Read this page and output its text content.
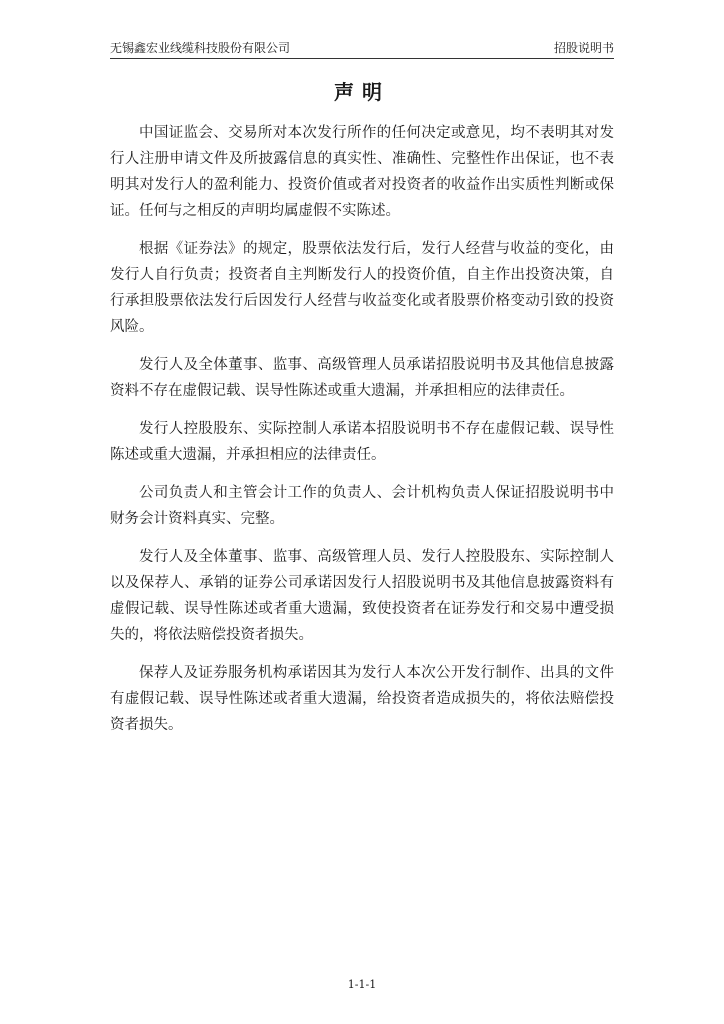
无锡鑫宏业线缆科技股份有限公司	招股说明书
声明

中国证监会、交易所对本次发行所作的任何决定或意见，均不表明其对发行人注册申请文件及所披露信息的真实性、准确性、完整性作出保证，也不表明其对发行人的盈利能力、投资价值或者对投资者的收益作出实质性判断或保证。任何与之相反的声明均属虚假不实陈述。

根据《证券法》的规定，股票依法发行后，发行人经营与收益的变化，由发行人自行负责；投资者自主判断发行人的投资价值，自主作出投资决策，自行承担股票依法发行后因发行人经营与收益变化或者股票价格变动引致的投资风险。

发行人及全体董事、监事、高级管理人员承诺招股说明书及其他信息披露资料不存在虚假记载、误导性陈述或重大遗漏，并承担相应的法律责任。

发行人控股股东、实际控制人承诺本招股说明书不存在虚假记载、误导性陈述或重大遗漏，并承担相应的法律责任。

公司负责人和主管会计工作的负责人、会计机构负责人保证招股说明书中财务会计资料真实、完整。

发行人及全体董事、监事、高级管理人员、发行人控股股东、实际控制人以及保荐人、承销的证券公司承诺因发行人招股说明书及其他信息披露资料有虚假记载、误导性陈述或者重大遗漏，致使投资者在证券发行和交易中遭受损失的，将依法赔偿投资者损失。

保荐人及证券服务机构承诺因其为发行人本次公开发行制作、出具的文件有虚假记载、误导性陈述或者重大遗漏，给投资者造成损失的，将依法赔偿投资者损失。

1-1-1
